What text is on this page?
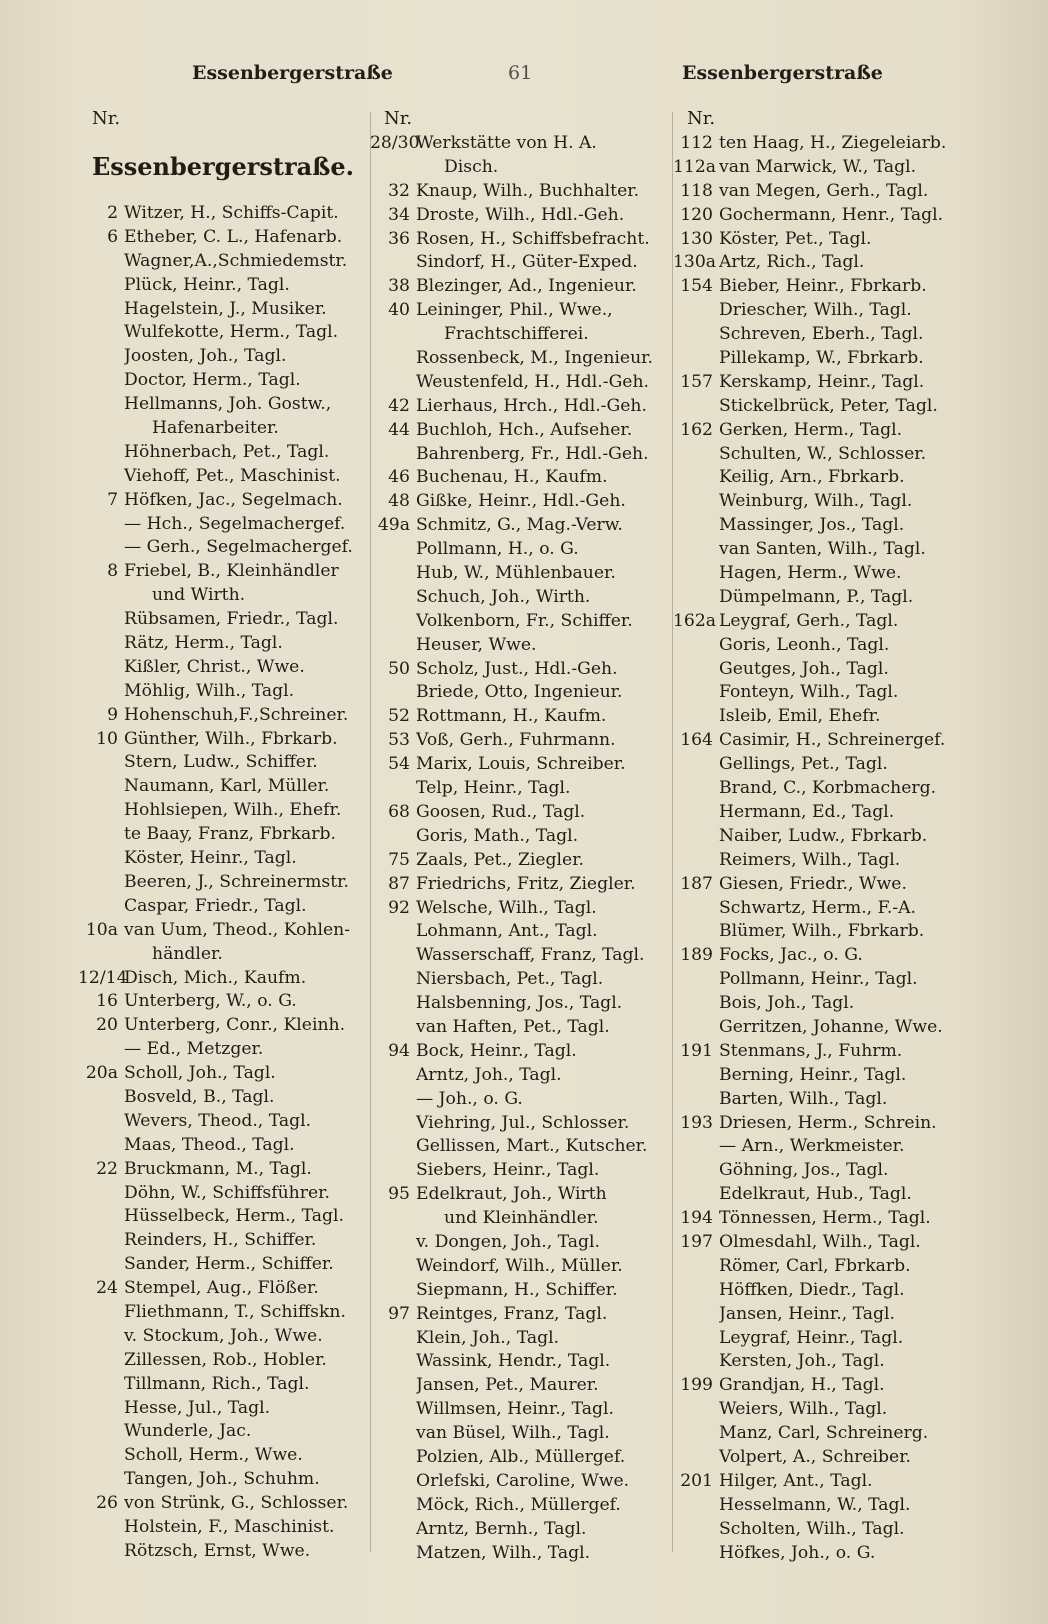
Essenbergerstraße	61	Essenbergerstraße
Nr.
Essenbergerstraße.
2 Witzer, H., Schiffs-Capit.
6 Etheber, C. L., Hafenarb.
Wagner,A.,Schmiedemstr.
Plück, Heinr., Tagl.
Hagelstein, J., Musiker.
Wulfekotte, Herm., Tagl.
Joosten, Joh., Tagl.
Doctor, Herm., Tagl.
Hellmanns, Joh. Gostw.,
Hafenarbeiter.
Höhnerbach, Pet., Tagl.
Viehoff, Pet., Maschinist.
7 Höfken, Jac., Segelmach.
— Hch., Segelmachergef.
— Gerh., Segelmachergef.
8 Friebel, B., Kleinhändler
und Wirth.
Rübsamen, Friedr., Tagl.
Rätz, Herm., Tagl.
Kißler, Christ., Wwe.
Möhlig, Wilh., Tagl.
9 Hohenschuh,F.,Schreiner.
10 Günther, Wilh., Fbrkarb.
Stern, Ludw., Schiffer.
Naumann, Karl, Müller.
Hohlsiepen, Wilh., Ehefr.
te Baay, Franz, Fbrkarb.
Köster, Heinr., Tagl.
Beeren, J., Schreinermstr.
Caspar, Friedr., Tagl.
10a van Uum, Theod., Kohlen-
händler.
12/14
Disch, Mich., Kaufm.
16 Unterberg, W., o. G.
20 Unterberg, Conr., Kleinh.
— Ed., Metzger.
20a Scholl, Joh., Tagl.
Bosveld, B., Tagl.
Wevers, Theod., Tagl.
Maas, Theod., Tagl.
22 Bruckmann, M., Tagl.
Döhn, W., Schiffsführer.
Hüsselbeck, Herm., Tagl.
Reinders, H., Schiffer.
Sander, Herm., Schiffer.
24 Stempel, Aug., Flößer.
Fliethmann, T., Schiffskn.
v. Stockum, Joh., Wwe.
Zillessen, Rob., Hobler.
Tillmann, Rich., Tagl.
Hesse, Jul., Tagl.
Wunderle, Jac.
Scholl, Herm., Wwe.
Tangen, Joh., Schuhm.
26 von Strünk, G., Schlosser.
Holstein, F., Maschinist.
Rötzsch, Ernst, Wwe.
Nr.
28/30
Werkstätte von H. A.
Disch.
32 Knaup, Wilh., Buchhalter.
34 Droste, Wilh., Hdl.-Geh.
36 Rosen, H., Schiffsbefracht.
Sindorf, H., Güter-Exped.
38 Blezinger, Ad., Ingenieur.
40 Leininger, Phil., Wwe.,
Frachtschifferei.
Rossenbeck, M., Ingenieur.
Weustenfeld, H., Hdl.-Geh.
42 Lierhaus, Hrch., Hdl.-Geh.
44 Buchloh, Hch., Aufseher.
Bahrenberg, Fr., Hdl.-Geh.
46 Buchenau, H., Kaufm.
48 Gißke, Heinr., Hdl.-Geh.
49a Schmitz, G., Mag.-Verw.
Pollmann, H., o. G.
Hub, W., Mühlenbauer.
Schuch, Joh., Wirth.
Volkenborn, Fr., Schiffer.
Heuser, Wwe.
50 Scholz, Just., Hdl.-Geh.
Briede, Otto, Ingenieur.
52 Rottmann, H., Kaufm.
53 Voß, Gerh., Fuhrmann.
54 Marix, Louis, Schreiber.
Telp, Heinr., Tagl.
68 Goosen, Rud., Tagl.
Goris, Math., Tagl.
75 Zaals, Pet., Ziegler.
87 Friedrichs, Fritz, Ziegler.
92 Welsche, Wilh., Tagl.
Lohmann, Ant., Tagl.
Wasserschaff, Franz, Tagl.
Niersbach, Pet., Tagl.
Halsbenning, Jos., Tagl.
van Haften, Pet., Tagl.
94 Bock, Heinr., Tagl.
Arntz, Joh., Tagl.
— Joh., o. G.
Viehring, Jul., Schlosser.
Gellissen, Mart., Kutscher.
Siebers, Heinr., Tagl.
95 Edelkraut, Joh., Wirth
und Kleinhändler.
v. Dongen, Joh., Tagl.
Weindorf, Wilh., Müller.
Siepmann, H., Schiffer.
97 Reintges, Franz, Tagl.
Klein, Joh., Tagl.
Wassink, Hendr., Tagl.
Jansen, Pet., Maurer.
Willmsen, Heinr., Tagl.
van Büsel, Wilh., Tagl.
Polzien, Alb., Müllergef.
Orlefski, Caroline, Wwe.
Möck, Rich., Müllergef.
Arntz, Bernh., Tagl.
Matzen, Wilh., Tagl.
Nr.
112 ten Haag, H., Ziegeleiarb.
112a van Marwick, W., Tagl.
118 van Megen, Gerh., Tagl.
120 Gochermann, Henr., Tagl.
130 Köster, Pet., Tagl.
130a Artz, Rich., Tagl.
154 Bieber, Heinr., Fbrkarb.
Driescher, Wilh., Tagl.
Schreven, Eberh., Tagl.
Pillekamp, W., Fbrkarb.
157 Kerskamp, Heinr., Tagl.
Stickelbrück, Peter, Tagl.
162 Gerken, Herm., Tagl.
Schulten, W., Schlosser.
Keilig, Arn., Fbrkarb.
Weinburg, Wilh., Tagl.
Massinger, Jos., Tagl.
van Santen, Wilh., Tagl.
Hagen, Herm., Wwe.
Dümpelmann, P., Tagl.
162a Leygraf, Gerh., Tagl.
Goris, Leonh., Tagl.
Geutges, Joh., Tagl.
Fonteyn, Wilh., Tagl.
Isleib, Emil, Ehefr.
164 Casimir, H., Schreinergef.
Gellings, Pet., Tagl.
Brand, C., Korbmacherg.
Hermann, Ed., Tagl.
Naiber, Ludw., Fbrkarb.
Reimers, Wilh., Tagl.
187 Giesen, Friedr., Wwe.
Schwartz, Herm., F.-A.
Blümer, Wilh., Fbrkarb.
189 Focks, Jac., o. G.
Pollmann, Heinr., Tagl.
Bois, Joh., Tagl.
Gerritzen, Johanne, Wwe.
191 Stenmans, J., Fuhrm.
Berning, Heinr., Tagl.
Barten, Wilh., Tagl.
193 Driesen, Herm., Schrein.
— Arn., Werkmeister.
Göhning, Jos., Tagl.
Edelkraut, Hub., Tagl.
194 Tönnessen, Herm., Tagl.
197 Olmesdahl, Wilh., Tagl.
Römer, Carl, Fbrkarb.
Höffken, Diedr., Tagl.
Jansen, Heinr., Tagl.
Leygraf, Heinr., Tagl.
Kersten, Joh., Tagl.
199 Grandjan, H., Tagl.
Weiers, Wilh., Tagl.
Manz, Carl, Schreinerg.
Volpert, A., Schreiber.
201 Hilger, Ant., Tagl.
Hesselmann, W., Tagl.
Scholten, Wilh., Tagl.
Höfkes, Joh., o. G.
